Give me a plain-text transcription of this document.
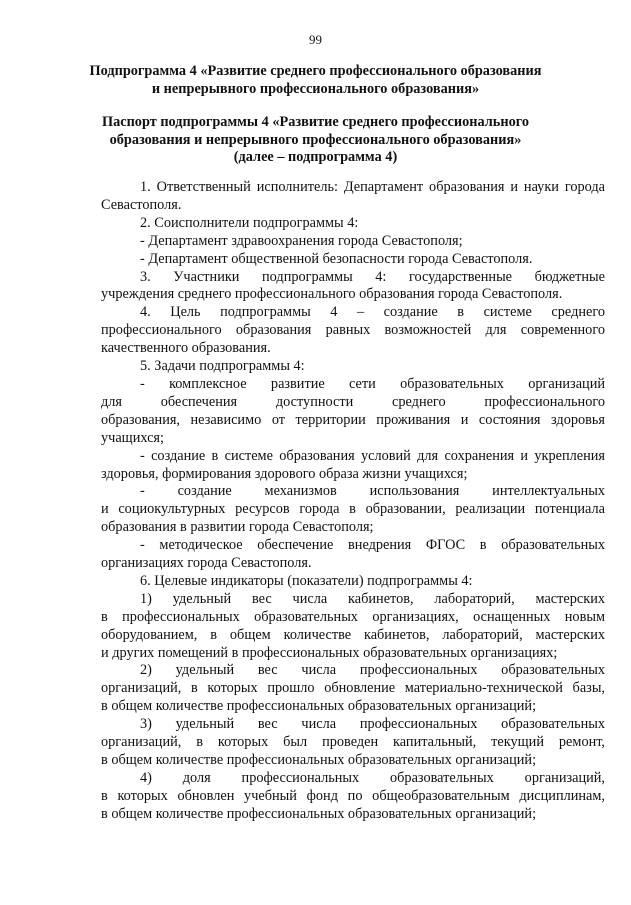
99
Подпрограмма 4 «Развитие среднего профессионального образования
и непрерывного профессионального образования»
Паспорт подпрограммы 4 «Развитие среднего профессионального
образования и непрерывного профессионального образования»
(далее – подпрограмма 4)
1. Ответственный исполнитель: Департамент образования и науки города
Севастополя.
2. Соисполнители подпрограммы 4:
- Департамент здравоохранения города Севастополя;
- Департамент общественной безопасности города Севастополя.
3. Участники подпрограммы 4: государственные бюджетные
учреждения среднего профессионального образования города Севастополя.
4. Цель подпрограммы 4 – создание в системе среднего
профессионального образования равных возможностей для современного
качественного образования.
5. Задачи подпрограммы 4:
- комплексное развитие сети образовательных организаций
для обеспечения доступности среднего профессионального
образования, независимо от территории проживания и состояния здоровья
учащихся;
- создание в системе образования условий для сохранения и укрепления
здоровья, формирования здорового образа жизни учащихся;
- создание механизмов использования интеллектуальных
и социокультурных ресурсов города в образовании, реализации потенциала
образования в развитии города Севастополя;
- методическое обеспечение внедрения ФГОС в образовательных
организациях города Севастополя.
6. Целевые индикаторы (показатели) подпрограммы 4:
1) удельный вес числа кабинетов, лабораторий, мастерских
в профессиональных образовательных организациях, оснащенных новым
оборудованием, в общем количестве кабинетов, лабораторий, мастерских
и других помещений в профессиональных образовательных организациях;
2) удельный вес числа профессиональных образовательных
организаций, в которых прошло обновление материально-технической базы,
в общем количестве профессиональных образовательных организаций;
3) удельный вес числа профессиональных образовательных
организаций, в которых был проведен капитальный, текущий ремонт,
в общем количестве профессиональных образовательных организаций;
4) доля профессиональных образовательных организаций,
в которых обновлен учебный фонд по общеобразовательным дисциплинам,
в общем количестве профессиональных образовательных организаций;
